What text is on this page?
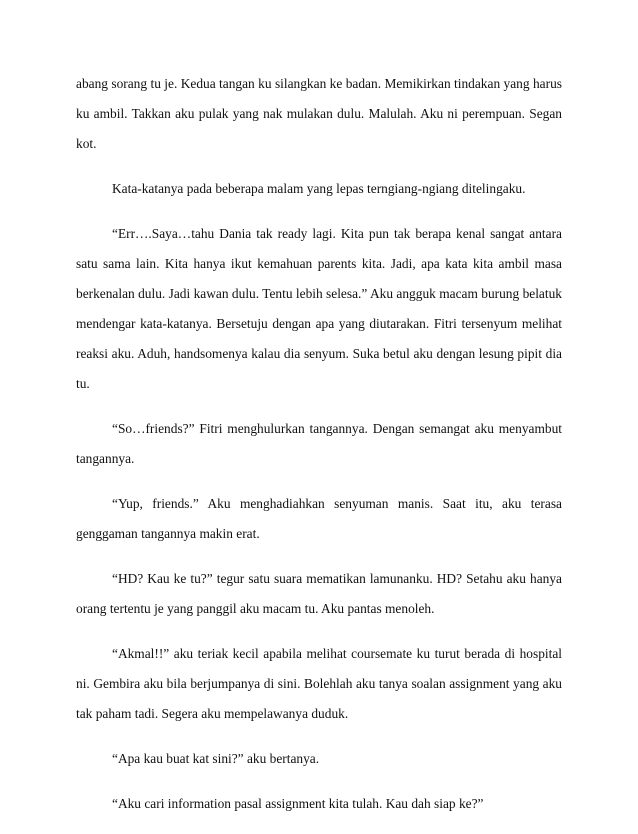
abang sorang tu je. Kedua tangan ku silangkan ke badan. Memikirkan tindakan yang harus ku ambil. Takkan aku pulak yang nak mulakan dulu. Malulah. Aku ni perempuan. Segan kot.

Kata-katanya pada beberapa malam yang lepas terngiang-ngiang ditelingaku.

“Err….Saya…tahu Dania tak ready lagi. Kita pun tak berapa kenal sangat antara satu sama lain. Kita hanya ikut kemahuan parents kita. Jadi, apa kata kita ambil masa berkenalan dulu. Jadi kawan dulu. Tentu lebih selesa.” Aku angguk macam burung belatuk mendengar kata-katanya. Bersetuju dengan apa yang diutarakan. Fitri tersenyum melihat reaksi aku. Aduh, handsomenya kalau dia senyum. Suka betul aku dengan lesung pipit dia tu.

“So…friends?” Fitri menghulurkan tangannya. Dengan semangat aku menyambut tangannya.

“Yup, friends.” Aku menghadiahkan senyuman manis. Saat itu, aku terasa genggaman tangannya makin erat.

“HD? Kau ke tu?” tegur satu suara mematikan lamunanku. HD? Setahu aku hanya orang tertentu je yang panggil aku macam tu. Aku pantas menoleh.

“Akmal!!” aku teriak kecil apabila melihat coursemate ku turut berada di hospital ni. Gembira aku bila berjumpanya di sini. Bolehlah aku tanya soalan assignment yang aku tak paham tadi. Segera aku mempelawanya duduk.

“Apa kau buat kat sini?” aku bertanya.

“Aku cari information pasal assignment kita tulah. Kau dah siap ke?”
